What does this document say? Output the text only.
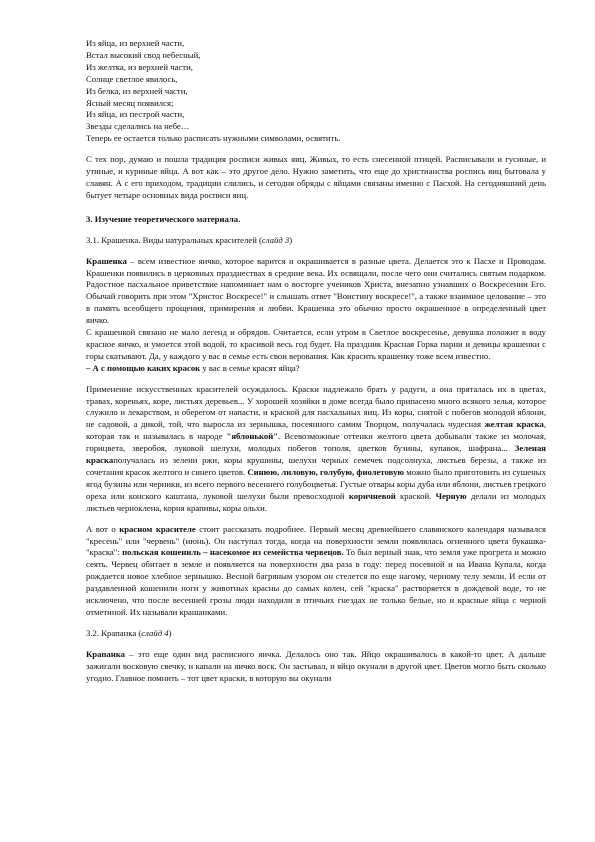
Из яйца, из верхней части,
Встал высокий свод небесный,
Из желтка, из верхней части,
Солнце светлое явилось,
Из белка, из верхней части,
Ясный месяц появился;
Из яйца, из пестрой части,
Звезды сделались на небе…
Теперь ее остается только расписать нужными символами, освятить.

С тех пор, думаю и пошла традиция росписи живых яиц. Живых, то есть снесенной птицей. Расписывали и гусиные, и утиные, и куриные яйца. А вот как – это другое дело. Нужно заметить, что еще до христианства роспись яиц бытовала у славян. А с его приходом, традиции слились, и сегодня обряды с яйцами связаны именно с Пасхой. На сегодняшний день бытует четыре основных вида росписи яиц.

3. Изучение теоретического материала.
3.1. Крашенка. Виды натуральных красителей (слайд 3)

Крашенка – всем известное яичко, которое варится и окрашивается в разные цвета. Делается это к Пасхе и Проводам. Крашенки появились в церковных празднествах в средние века. Их освящали, после чего они считались святым подарком. Радостное пасхальное приветствие напоминает нам о восторге учеников Христа, внезапно узнавших о Воскресении Его. Обычай говорить при этом "Христос Воскресе!" и слышать ответ "Воистину воскресе!", а также взаимное целование – это в память всеобщего прощения, примирения и любви. Крашенка это обычно просто окрашенное в определенный цвет яичко.

С крашенкой связано не мало легенд и обрядов. Считается, если утром в Светлое воскресенье, девушка положит в воду красное яичко, и умоется этой водой, то красивой весь год будет. На праздник Красная Горка парни и девицы крашенки с горы скатывают. Да, у каждого у вас в семье есть свои верования. Как красить крашенку тоже всем известно.

– А с помощью каких красок у вас в семье красят яйца?

Применение искусственных красителей осуждалось. Краски надлежало брать у радуги, а она пряталась их в цветах, травах, кореньях, коре, листьях деревьев... У хорошей хозяйки в доме всегда было припасено много всякого зелья, которое служило и лекарством, и оберегом от напасти, и краской для пасхальных яиц. Из коры, снятой с побегов молодой яблони, не садовой, а дикой, той, что выросла из зернышка, посеянного самим Творцом, получалась чудесная желтая краска, которая так и называлась в народе "яблонькой". Всевозможные оттенки желтого цвета добывали также из молочая, горицвета, зверобоя, луковой шелухи, молодых побегов тополя, цветков бузины, купавок, шафрана... Зеленая краскаполучалась из зелени ржи, коры крушины, шелухи черных семечек подсолнуха, листьев березы, а также из сочетания красок желтого и синего цветов. Синюю, лиловую, голубую, фиолетовую можно было приготовить из сушеных ягод бузины или черники, из всего первого весеннего голубоцветья. Густые отвары коры дуба или яблони, листьев грецкого ореха или конского каштана, луковой шелухи были превосходной коричневой краской. Черную делали из молодых листьев черноклена, корня крапивы, коры ольхи.

А вот о красном красителе стоит рассказать подробнее. Первый месяц древнейшего славянского календаря назывался "кресень" или "червень" (июнь). Он наступал тогда, когда на поверхности земли появлялась огненного цвета букашка-"краска": польская кошениль – насекомое из семейства червецов. То был верный знак, что земля уже прогрета и можно сеять. Червец обитает в земле и появляется на поверхности два раза в году: перед посевной и на Ивана Купала, когда рождается новое хлебное зернышко. Весной багряным узором он стелется по еще нагому, черному телу земли. И если от раздавленной кошенили ноги у животных красны до самых колен, сей "краска" растворяется в дождевой воде, то не исключено, что после весенней грозы люди находили в птичьих гнездах не только белые, но и красные яйца с черной отметиной. Их называли крашанками.

3.2. Крапанка (слайд 4)

Крапанка – это еще один вид расписного яичка. Делалось оно так. Яйцо окрашивалось в какой-то цвет. А дальше зажигали восковую свечку, и капали на яичко воск. Он застывал, и яйцо окунали в другой цвет. Цветов могло быть сколько угодно. Главное помнить – тот цвет краски, в которую вы окунали
